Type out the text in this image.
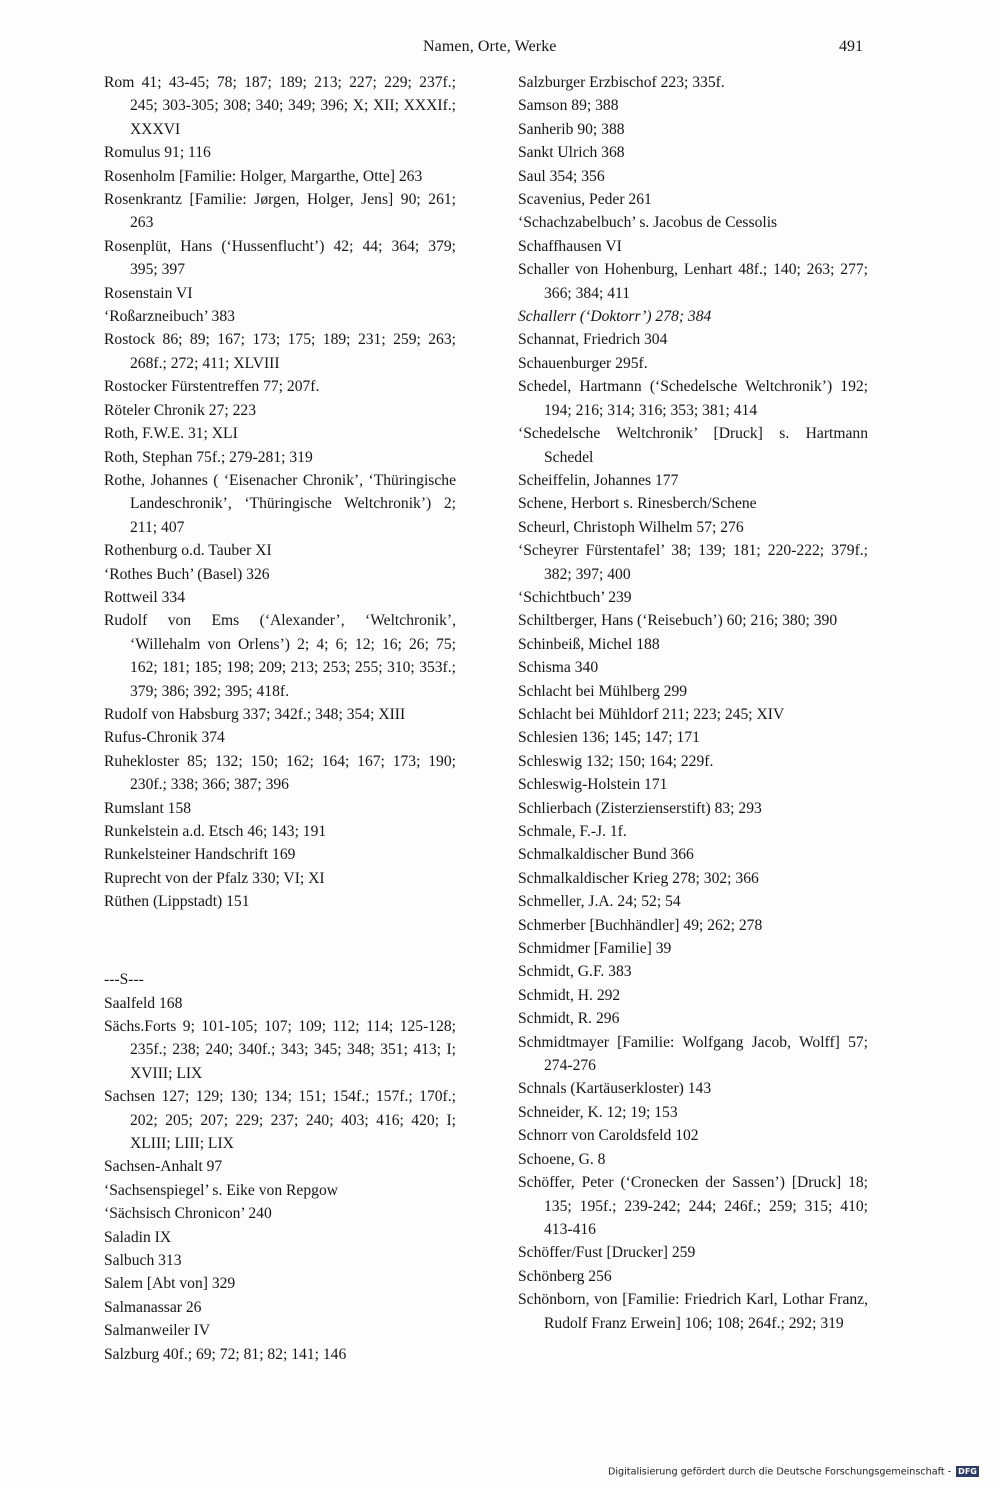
Namen, Orte, Werke	491

Rom 41; 43-45; 78; 187; 189; 213; 227; 229; 237f.; 245; 303-305; 308; 340; 349; 396; X; XII; XXXIf.; XXXVI

Romulus 91; 116

Rosenholm [Familie: Holger, Margarthe, Otte] 263

Rosenkrantz [Familie: Jørgen, Holger, Jens] 90; 261; 263

Rosenplüt, Hans (‘Hussenflucht’) 42; 44; 364; 379; 395; 397

Rosenstain VI

‘Roßarzneibuch’ 383

Rostock 86; 89; 167; 173; 175; 189; 231; 259; 263; 268f.; 272; 411; XLVIII

Rostocker Fürstentreffen 77; 207f.

Röteler Chronik 27; 223

Roth, F.W.E. 31; XLI

Roth, Stephan 75f.; 279-281; 319

Rothe, Johannes ( ‘Eisenacher Chronik’, ‘Thüringische Landeschronik’, ‘Thüringische Weltchronik’) 2; 211; 407

Rothenburg o.d. Tauber XI

‘Rothes Buch’ (Basel) 326

Rottweil 334

Rudolf von Ems (‘Alexander’, ‘Weltchronik’, ‘Willehalm von Orlens’) 2; 4; 6; 12; 16; 26; 75; 162; 181; 185; 198; 209; 213; 253; 255; 310; 353f.; 379; 386; 392; 395; 418f.

Rudolf von Habsburg 337; 342f.; 348; 354; XIII

Rufus-Chronik 374

Ruhekloster 85; 132; 150; 162; 164; 167; 173; 190; 230f.; 338; 366; 387; 396

Rumslant 158

Runkelstein a.d. Etsch 46; 143; 191

Runkelsteiner Handschrift 169

Ruprecht von der Pfalz 330; VI; XI

Rüthen (Lippstadt) 151

---S---

Saalfeld 168

Sächs.Forts 9; 101-105; 107; 109; 112; 114; 125-128; 235f.; 238; 240; 340f.; 343; 345; 348; 351; 413; I; XVIII; LIX

Sachsen 127; 129; 130; 134; 151; 154f.; 157f.; 170f.; 202; 205; 207; 229; 237; 240; 403; 416; 420; I; XLIII; LIII; LIX

Sachsen-Anhalt 97

‘Sachsenspiegel’ s. Eike von Repgow

‘Sächsisch Chronicon’ 240

Saladin IX

Salbuch 313

Salem [Abt von] 329

Salmanassar 26

Salmanweiler IV

Salzburg 40f.; 69; 72; 81; 82; 141; 146

Salzburger Erzbischof 223; 335f.

Samson 89; 388

Sanherib 90; 388

Sankt Ulrich 368

Saul 354; 356

Scavenius, Peder 261

‘Schachzabelbuch’ s. Jacobus de Cessolis

Schaffhausen VI

Schaller von Hohenburg, Lenhart 48f.; 140; 263; 277; 366; 384; 411

Schallerr (‘Doktorr’) 278; 384

Schannat, Friedrich 304

Schauenburger 295f.

Schedel, Hartmann (‘Schedelsche Weltchronik’) 192; 194; 216; 314; 316; 353; 381; 414

‘Schedelsche Weltchronik’ [Druck] s. Hartmann Schedel

Scheiffelin, Johannes 177

Schene, Herbort s. Rinesberch/Schene

Scheurl, Christoph Wilhelm 57; 276

‘Scheyrer Fürstentafel’ 38; 139; 181; 220-222; 379f.; 382; 397; 400

‘Schichtbuch’ 239

Schiltberger, Hans (‘Reisebuch’) 60; 216; 380; 390

Schinbeiß, Michel 188

Schisma 340

Schlacht bei Mühlberg 299

Schlacht bei Mühldorf 211; 223; 245; XIV

Schlesien 136; 145; 147; 171

Schleswig 132; 150; 164; 229f.

Schleswig-Holstein 171

Schlierbach (Zisterzienserstift) 83; 293

Schmale, F.-J. 1f.

Schmalkaldischer Bund 366

Schmalkaldischer Krieg 278; 302; 366

Schmeller, J.A. 24; 52; 54

Schmerber [Buchhändler] 49; 262; 278

Schmidmer [Familie] 39

Schmidt, G.F. 383

Schmidt, H. 292

Schmidt, R. 296

Schmidtmayer [Familie: Wolfgang Jacob, Wolff] 57; 274-276

Schnals (Kartäuserkloster) 143

Schneider, K. 12; 19; 153

Schnorr von Caroldsfeld 102

Schoene, G. 8

Schöffer, Peter (‘Cronecken der Sassen’) [Druck] 18; 135; 195f.; 239-242; 244; 246f.; 259; 315; 410; 413-416

Schöffer/Fust [Drucker] 259

Schönberg 256

Schönborn, von [Familie: Friedrich Karl, Lothar Franz, Rudolf Franz Erwein] 106; 108; 264f.; 292; 319

Digitalisierung gefördert durch die Deutsche Forschungsgemeinschaft - DFG
